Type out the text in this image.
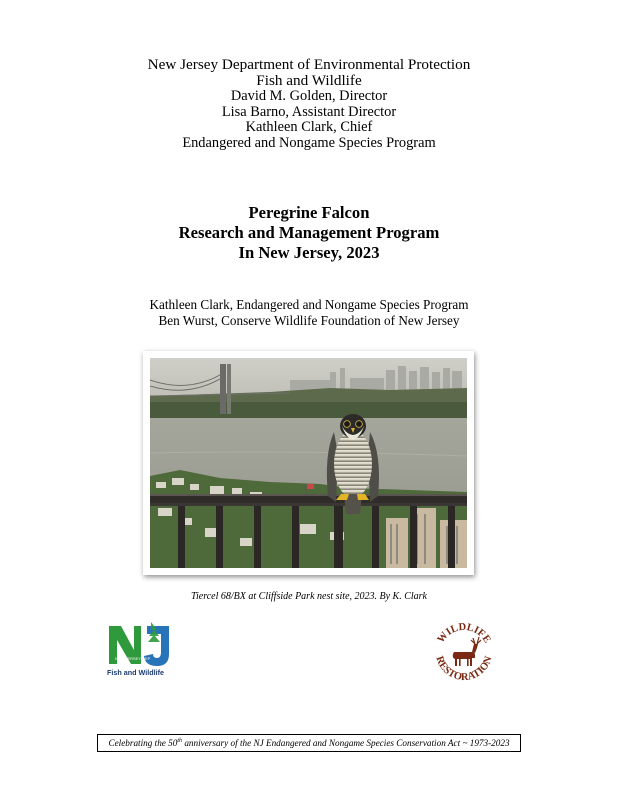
New Jersey Department of Environmental Protection
Fish and Wildlife
David M. Golden, Director
Lisa Barno, Assistant Director
Kathleen Clark, Chief
Endangered and Nongame Species Program
Peregrine Falcon
Research and Management Program
In New Jersey, 2023
Kathleen Clark, Endangered and Nongame Species Program
Ben Wurst, Conserve Wildlife Foundation of New Jersey
Tiercel 68/BX at Cliffside Park nest site, 2023. By K. Clark
NEW JERSEY DEP
Fish and Wildlife
WILDLIFE
RESTORATION
Celebrating the 50th anniversary of the NJ Endangered and Nongame Species Conservation Act ~ 1973-2023
